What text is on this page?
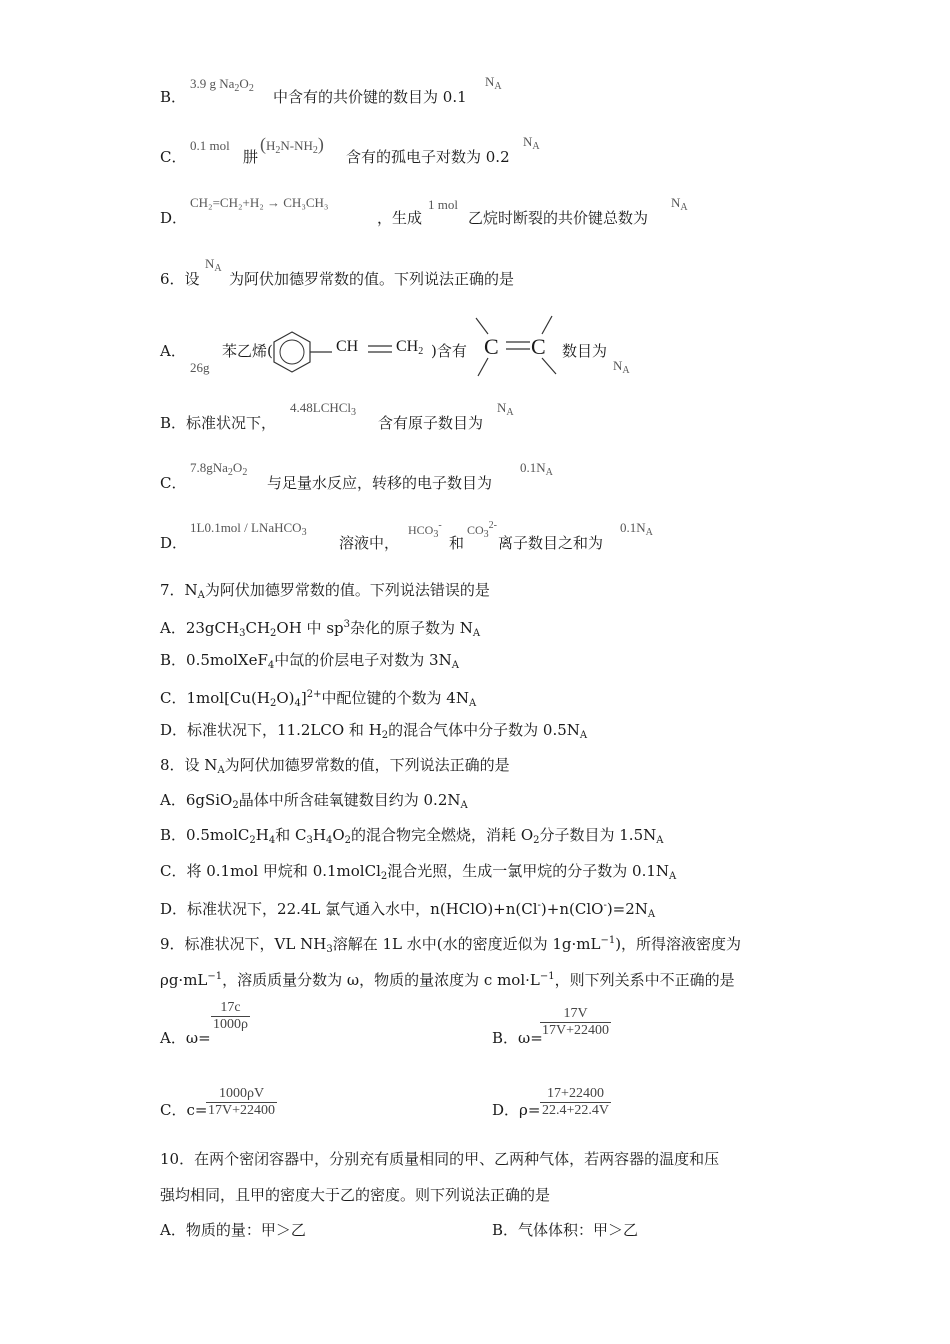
B．
3.9 g $Na_2O_2$ 中含有的共价键的数目为 0.1
$N_A$
C．
0.1 mol
肼
$(H_2N-NH_2)$
含有的孤电子对数为 0.2
$N_A$
D．
CH₂=CH₂+H₂ → CH₃CH₃
，生成
1 mol
乙烷时断裂的共价键总数为
$N_A$
6．设
$N_A$
为阿伏加德罗常数的值。下列说法正确的是
A．
26g
苯乙烯(	CH $CH_2$ )含有 C C 数目为
$N_A$
B．标准状况下，
4.48LCHCl$_3$
含有原子数目为
$N_A$
C．
$7.8gNa_2O_2$
与足量水反应，转移的电子数目为
$0.1N_A$
D．
1L0.1mol / LNaHCO$_3$
溶液中，
$HCO_3^-$
和
$CO_3^{2-}$
离子数目之和为
$0.1N_A$
7．$N_A$为阿伏加德罗常数的值。下列说法错误的是
A．$23gCH_3CH_2OH$ 中 $sp^3$杂化的原子数为 $N_A$
B．0.5molXeF$_4$中氙的价层电子对数为 $3N_A$
C．$1mol[Cu(H_2O)_4]^{2+}$中配位键的个数为 $4N_A$
D．标准状况下，11.2LCO 和 $H_2$的混合气体中分子数为 $0.5N_A$
8．设 $N_A$为阿伏加德罗常数的值，下列说法正确的是
A．6gSiO$_2$晶体中所含硅氧键数目约为 $0.2N_A$
B．$0.5molC_2H_4$和 $C_3H_4O_2$的混合物完全燃烧，消耗 $O_2$分子数目为 $1.5N_A$
C．将 0.1mol 甲烷和 0.1molCl$_2$混合光照，生成一氯甲烷的分子数为 $0.1N_A$
D．标准状况下，22.4L 氯气通入水中，$n(HClO)+n(Cl^-)+n(ClO^-)=2N_A$
9．标准状况下，VL $NH_3$溶解在 1L 水中(水的密度近似为 $1g\cdot mL^{-1}$)，所得溶液密度为
$\rho g\cdot mL^{-1}$，溶质质量分数为 ω，物质的量浓度为 c $mol\cdot L^{-1}$，则下列关系中不正确的是
A．ω=
$\frac{17c}{1000\rho}$
B．ω=
$\frac{17V}{17V+22400}$
C．c=
$\frac{1000\rho V}{17V+22400}$	D．$\rho= \frac{17+22400}{22.4+22.4V}$
10．在两个密闭容器中，分别充有质量相同的甲、乙两种气体，若两容器的温度和压
强均相同，且甲的密度大于乙的密度。则下列说法正确的是
A．物质的量：甲＞乙	B．气体体积：甲＞乙
